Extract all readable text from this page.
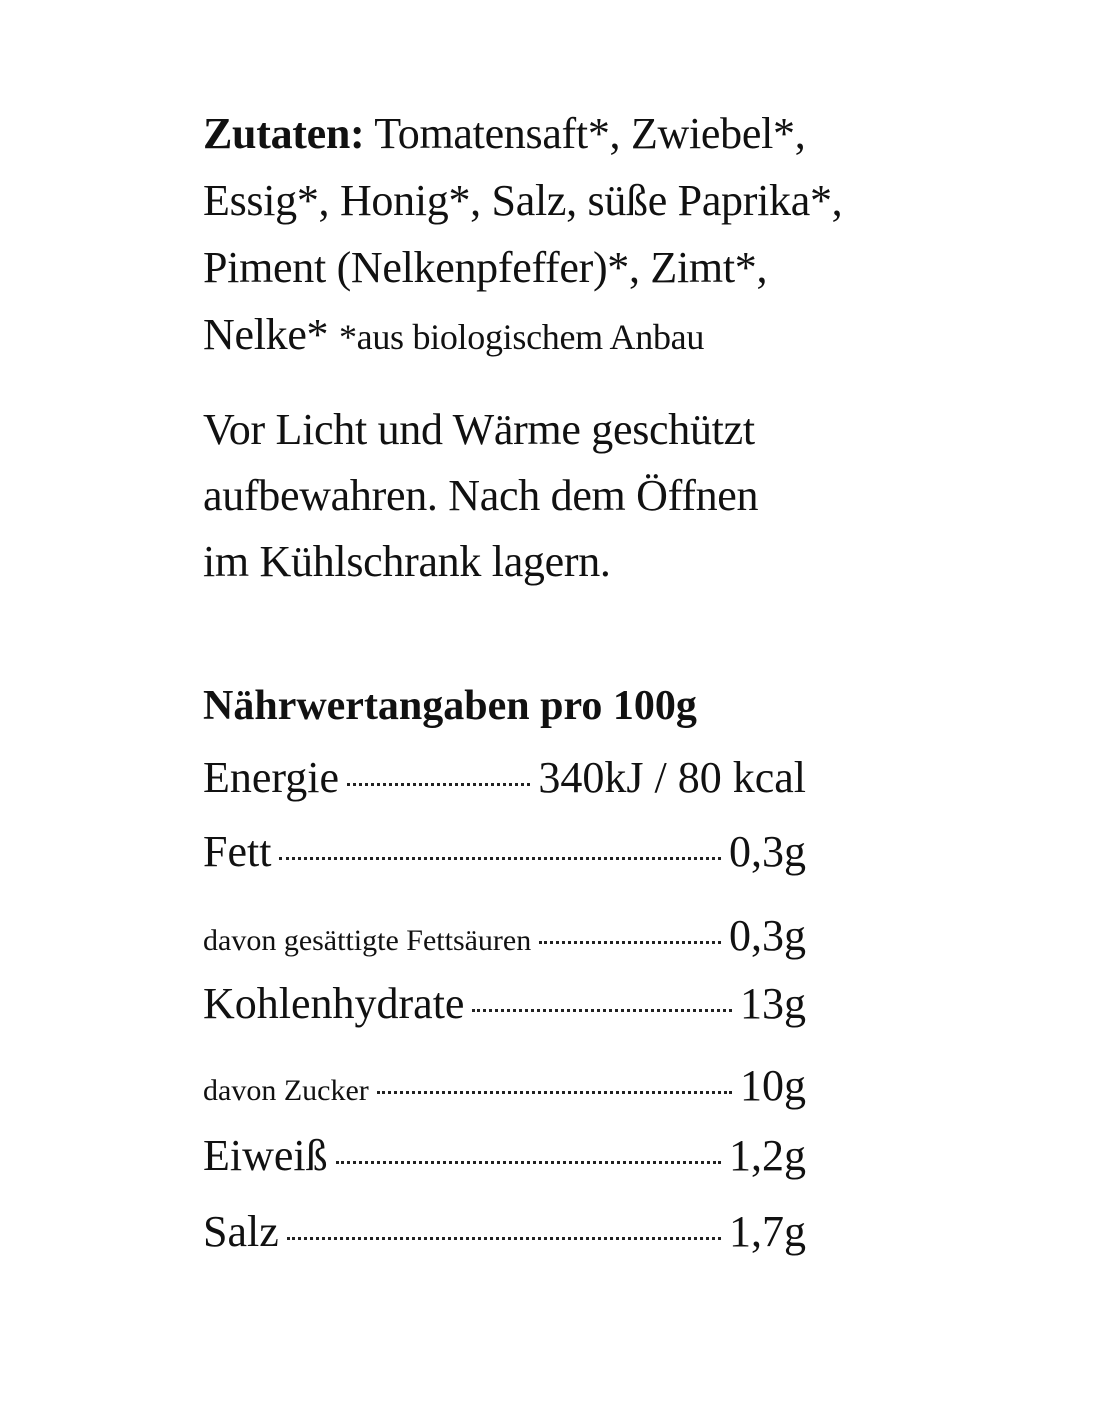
Zutaten: Tomatensaft*, Zwiebel*,
Essig*, Honig*, Salz, süße Paprika*,
Piment (Nelkenpfeffer)*, Zimt*,
Nelke* *aus biologischem Anbau
Vor Licht und Wärme geschützt
aufbewahren. Nach dem Öffnen
im Kühlschrank lagern.
Nährwertangaben pro 100g
Energie	340kJ / 80 kcal
Fett	0,3g
davon gesättigte Fettsäuren	0,3g
Kohlenhydrate	13g
davon Zucker	10g
Eiweiß	1,2g
Salz	1,7g
